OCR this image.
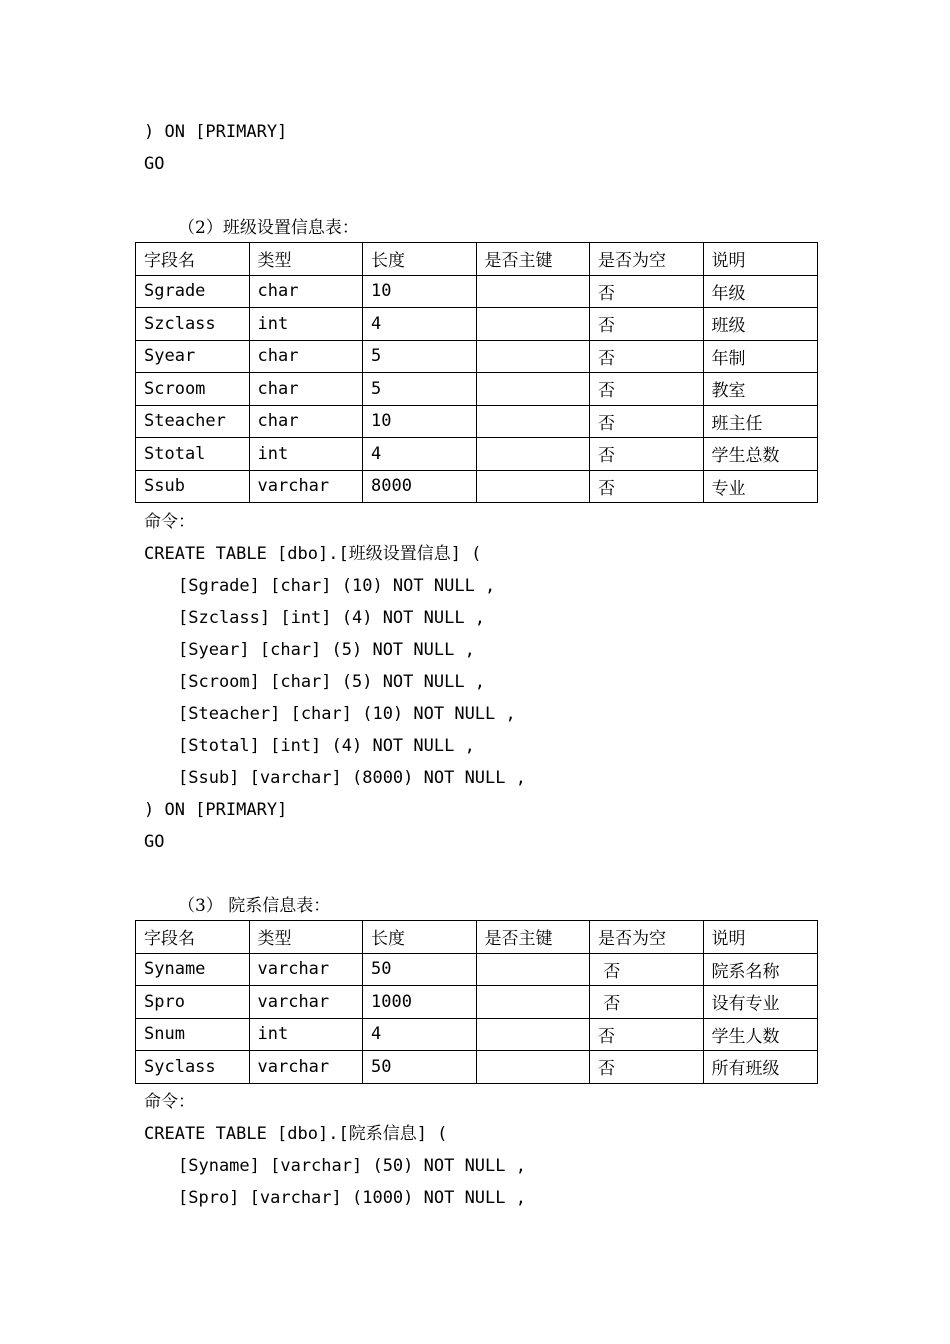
) ON [PRIMARY]
GO
（2）班级设置信息表：
字段名	类型	长度	是否主键	是否为空	说明
Sgrade	char	10		否	年级
Szclass	int	4		否	班级
Syear	char	5		否	年制
Scroom	char	5		否	教室
Steacher	char	10		否	班主任
Stotal	int	4		否	学生总数
Ssub	varchar	8000		否	专业
命令：
CREATE TABLE [dbo].[班级设置信息] (
[Sgrade] [char] (10) NOT NULL ,
[Szclass] [int] (4) NOT NULL ,
[Syear] [char] (5) NOT NULL ,
[Scroom] [char] (5) NOT NULL ,
[Steacher] [char] (10) NOT NULL ,
[Stotal] [int] (4) NOT NULL ,
[Ssub] [varchar] (8000) NOT NULL ,
) ON [PRIMARY]
GO
（3） 院系信息表：
字段名	类型	长度	是否主键	是否为空	说明
Syname	varchar	50		否	院系名称
Spro	varchar	1000		否	设有专业
Snum	int	4		否	学生人数
Syclass	varchar	50		否	所有班级
命令：
CREATE TABLE [dbo].[院系信息] (
[Syname] [varchar] (50) NOT NULL ,
[Spro] [varchar] (1000) NOT NULL ,
